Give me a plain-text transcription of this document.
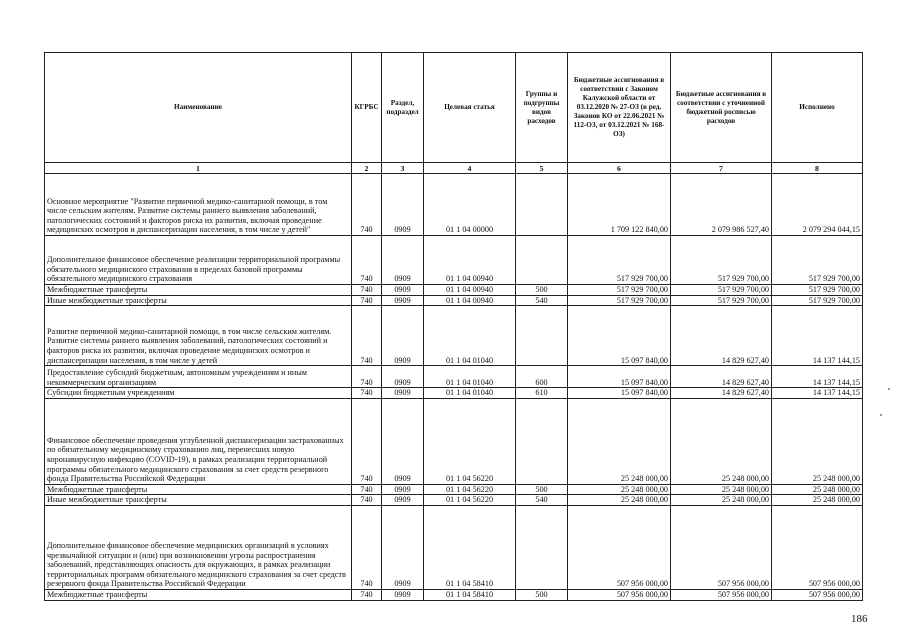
Наименование	КГРБС	Раздел, подраздел	Целевая статья	Группы и подгруппы видов расходов	Бюджетные ассигнования в соответствии с Законом Калужской области от 03.12.2020 № 27-ОЗ (в ред. Законов КО от 22.06.2021 № 112-ОЗ, от 03.12.2021 № 168-ОЗ)	Бюджетные ассигнования в соответствии с уточненной бюджетной росписью расходов	Исполнено
1	2	3	4	5	6	7	8
Основное мероприятие "Развитие первичной медико-санитарной помощи, в том числе сельским жителям. Развитие системы раннего выявления заболеваний, патологических состояний и факторов риска их развития, включая проведение медицинских осмотров и диспансеризации населения, в том числе у детей"	740	0909	01 1 04 00000		1 709 122 840,00	2 079 986 527,40	2 079 294 044,15
Дополнительное финансовое обеспечение реализации территориальной программы обязательного медицинского страхования в пределах базовой программы обязательного медицинского страхования	740	0909	01 1 04 00940		517 929 700,00	517 929 700,00	517 929 700,00
Межбюджетные трансферты	740	0909	01 1 04 00940	500	517 929 700,00	517 929 700,00	517 929 700,00
Иные межбюджетные трансферты	740	0909	01 1 04 00940	540	517 929 700,00	517 929 700,00	517 929 700,00
Развитие первичной медико-санитарной помощи, в том числе сельским жителям. Развитие системы раннего выявления заболеваний, патологических состояний и факторов риска их развития, включая проведение медицинских осмотров и диспансеризации населения, в том числе у детей	740	0909	01 1 04 01040		15 097 840,00	14 829 627,40	14 137 144,15
Предоставление субсидий бюджетным, автономным учреждениям и иным некоммерческим организациям	740	0909	01 1 04 01040	600	15 097 840,00	14 829 627,40	14 137 144,15
Субсидии бюджетным учреждениям	740	0909	01 1 04 01040	610	15 097 840,00	14 829 627,40	14 137 144,15
Финансовое обеспечение проведения углубленной диспансеризации застрахованных по обязательному медицинскому страхованию лиц, перенесших новую коронавирусную инфекцию (COVID-19), в рамках реализации территориальной программы обязательного медицинского страхования за счет средств резервного фонда Правительства Российской Федерации	740	0909	01 1 04 56220		25 248 000,00	25 248 000,00	25 248 000,00
Межбюджетные трансферты	740	0909	01 1 04 56220	500	25 248 000,00	25 248 000,00	25 248 000,00
Иные межбюджетные трансферты	740	0909	01 1 04 56220	540	25 248 000,00	25 248 000,00	25 248 000,00
Дополнительное финансовое обеспечение медицинских организаций в условиях чрезвычайной ситуации и (или) при возникновении угрозы распространения заболеваний, представляющих опасность для окружающих, в рамках реализации территориальных программ обязательного медицинского страхования за счет средств резервного фонда Правительства Российской Федерации	740	0909	01 1 04 58410		507 956 000,00	507 956 000,00	507 956 000,00
Межбюджетные трансферты	740	0909	01 1 04 58410	500	507 956 000,00	507 956 000,00	507 956 000,00
186
